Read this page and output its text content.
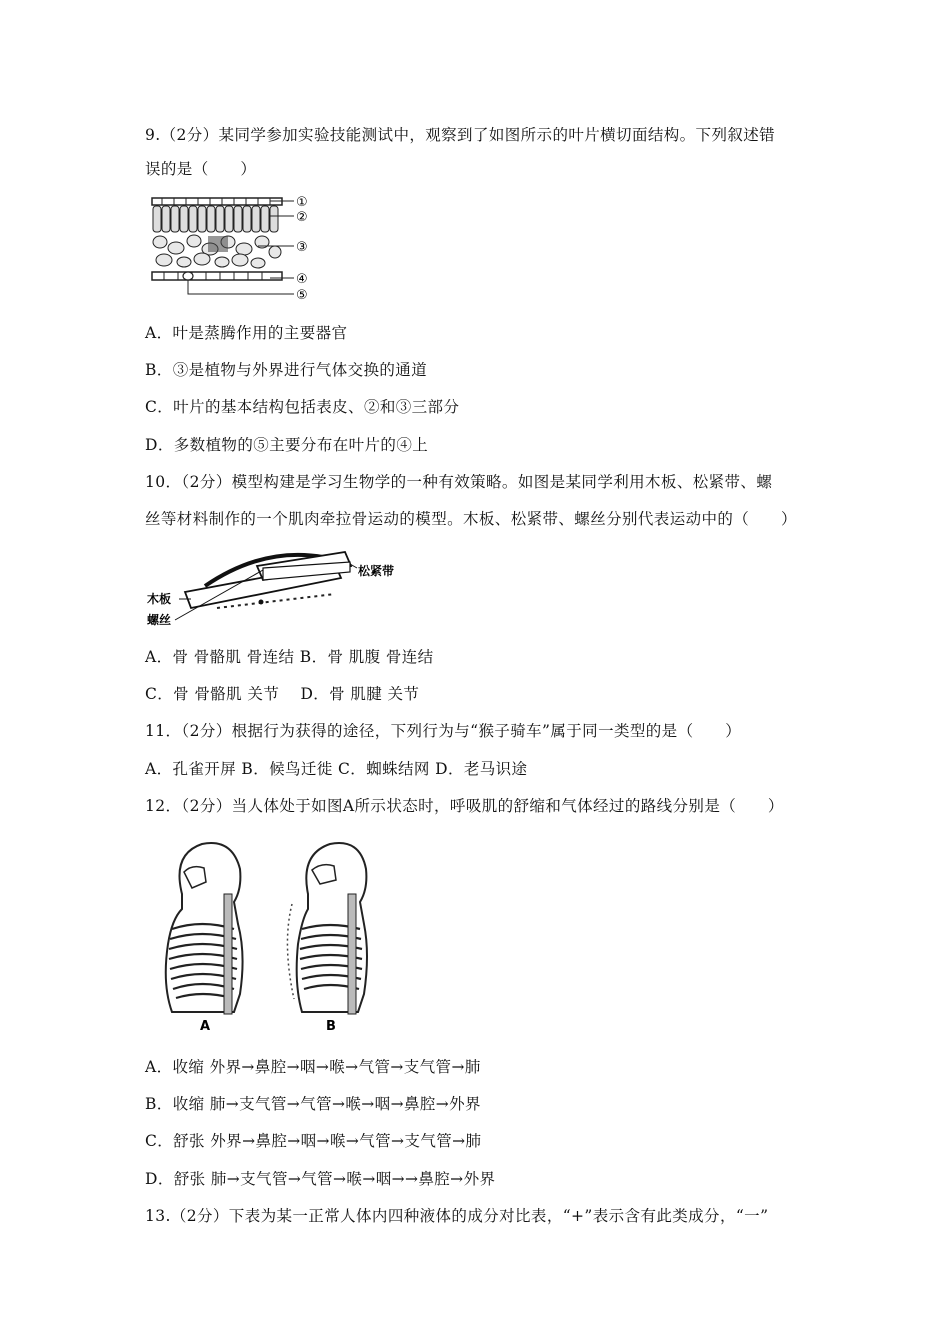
9.（2分）某同学参加实验技能测试中，观察到了如图所示的叶片横切面结构。下列叙述错
误的是（　　）
①
②
③
④
⑤
A．叶是蒸腾作用的主要器官
B．③是植物与外界进行气体交换的通道
C．叶片的基本结构包括表皮、②和③三部分
D．多数植物的⑤主要分布在叶片的④上
10．（2分）模型构建是学习生物学的一种有效策略。如图是某同学利用木板、松紧带、螺
丝等材料制作的一个肌肉牵拉骨运动的模型。木板、松紧带、螺丝分别代表运动中的（　　）
木板
松紧带
螺丝
A．骨 骨骼肌 骨连结 B．骨 肌腹 骨连结
C．骨 骨骼肌 关节　 D．骨 肌腱 关节
11．（2分）根据行为获得的途径，下列行为与“猴子骑车”属于同一类型的是（　　）
A．孔雀开屏 B．候鸟迁徙 C．蜘蛛结网 D．老马识途
12．（2分）当人体处于如图A所示状态时，呼吸肌的舒缩和气体经过的路线分别是（　　）
A	B
A．收缩 外界→鼻腔→咽→喉→气管→支气管→肺
B．收缩 肺→支气管→气管→喉→咽→鼻腔→外界
C．舒张 外界→鼻腔→咽→喉→气管→支气管→肺
D．舒张 肺→支气管→气管→喉→咽→→鼻腔→外界
13.（2分）下表为某一正常人体内四种液体的成分对比表，“+”表示含有此类成分，“一”
